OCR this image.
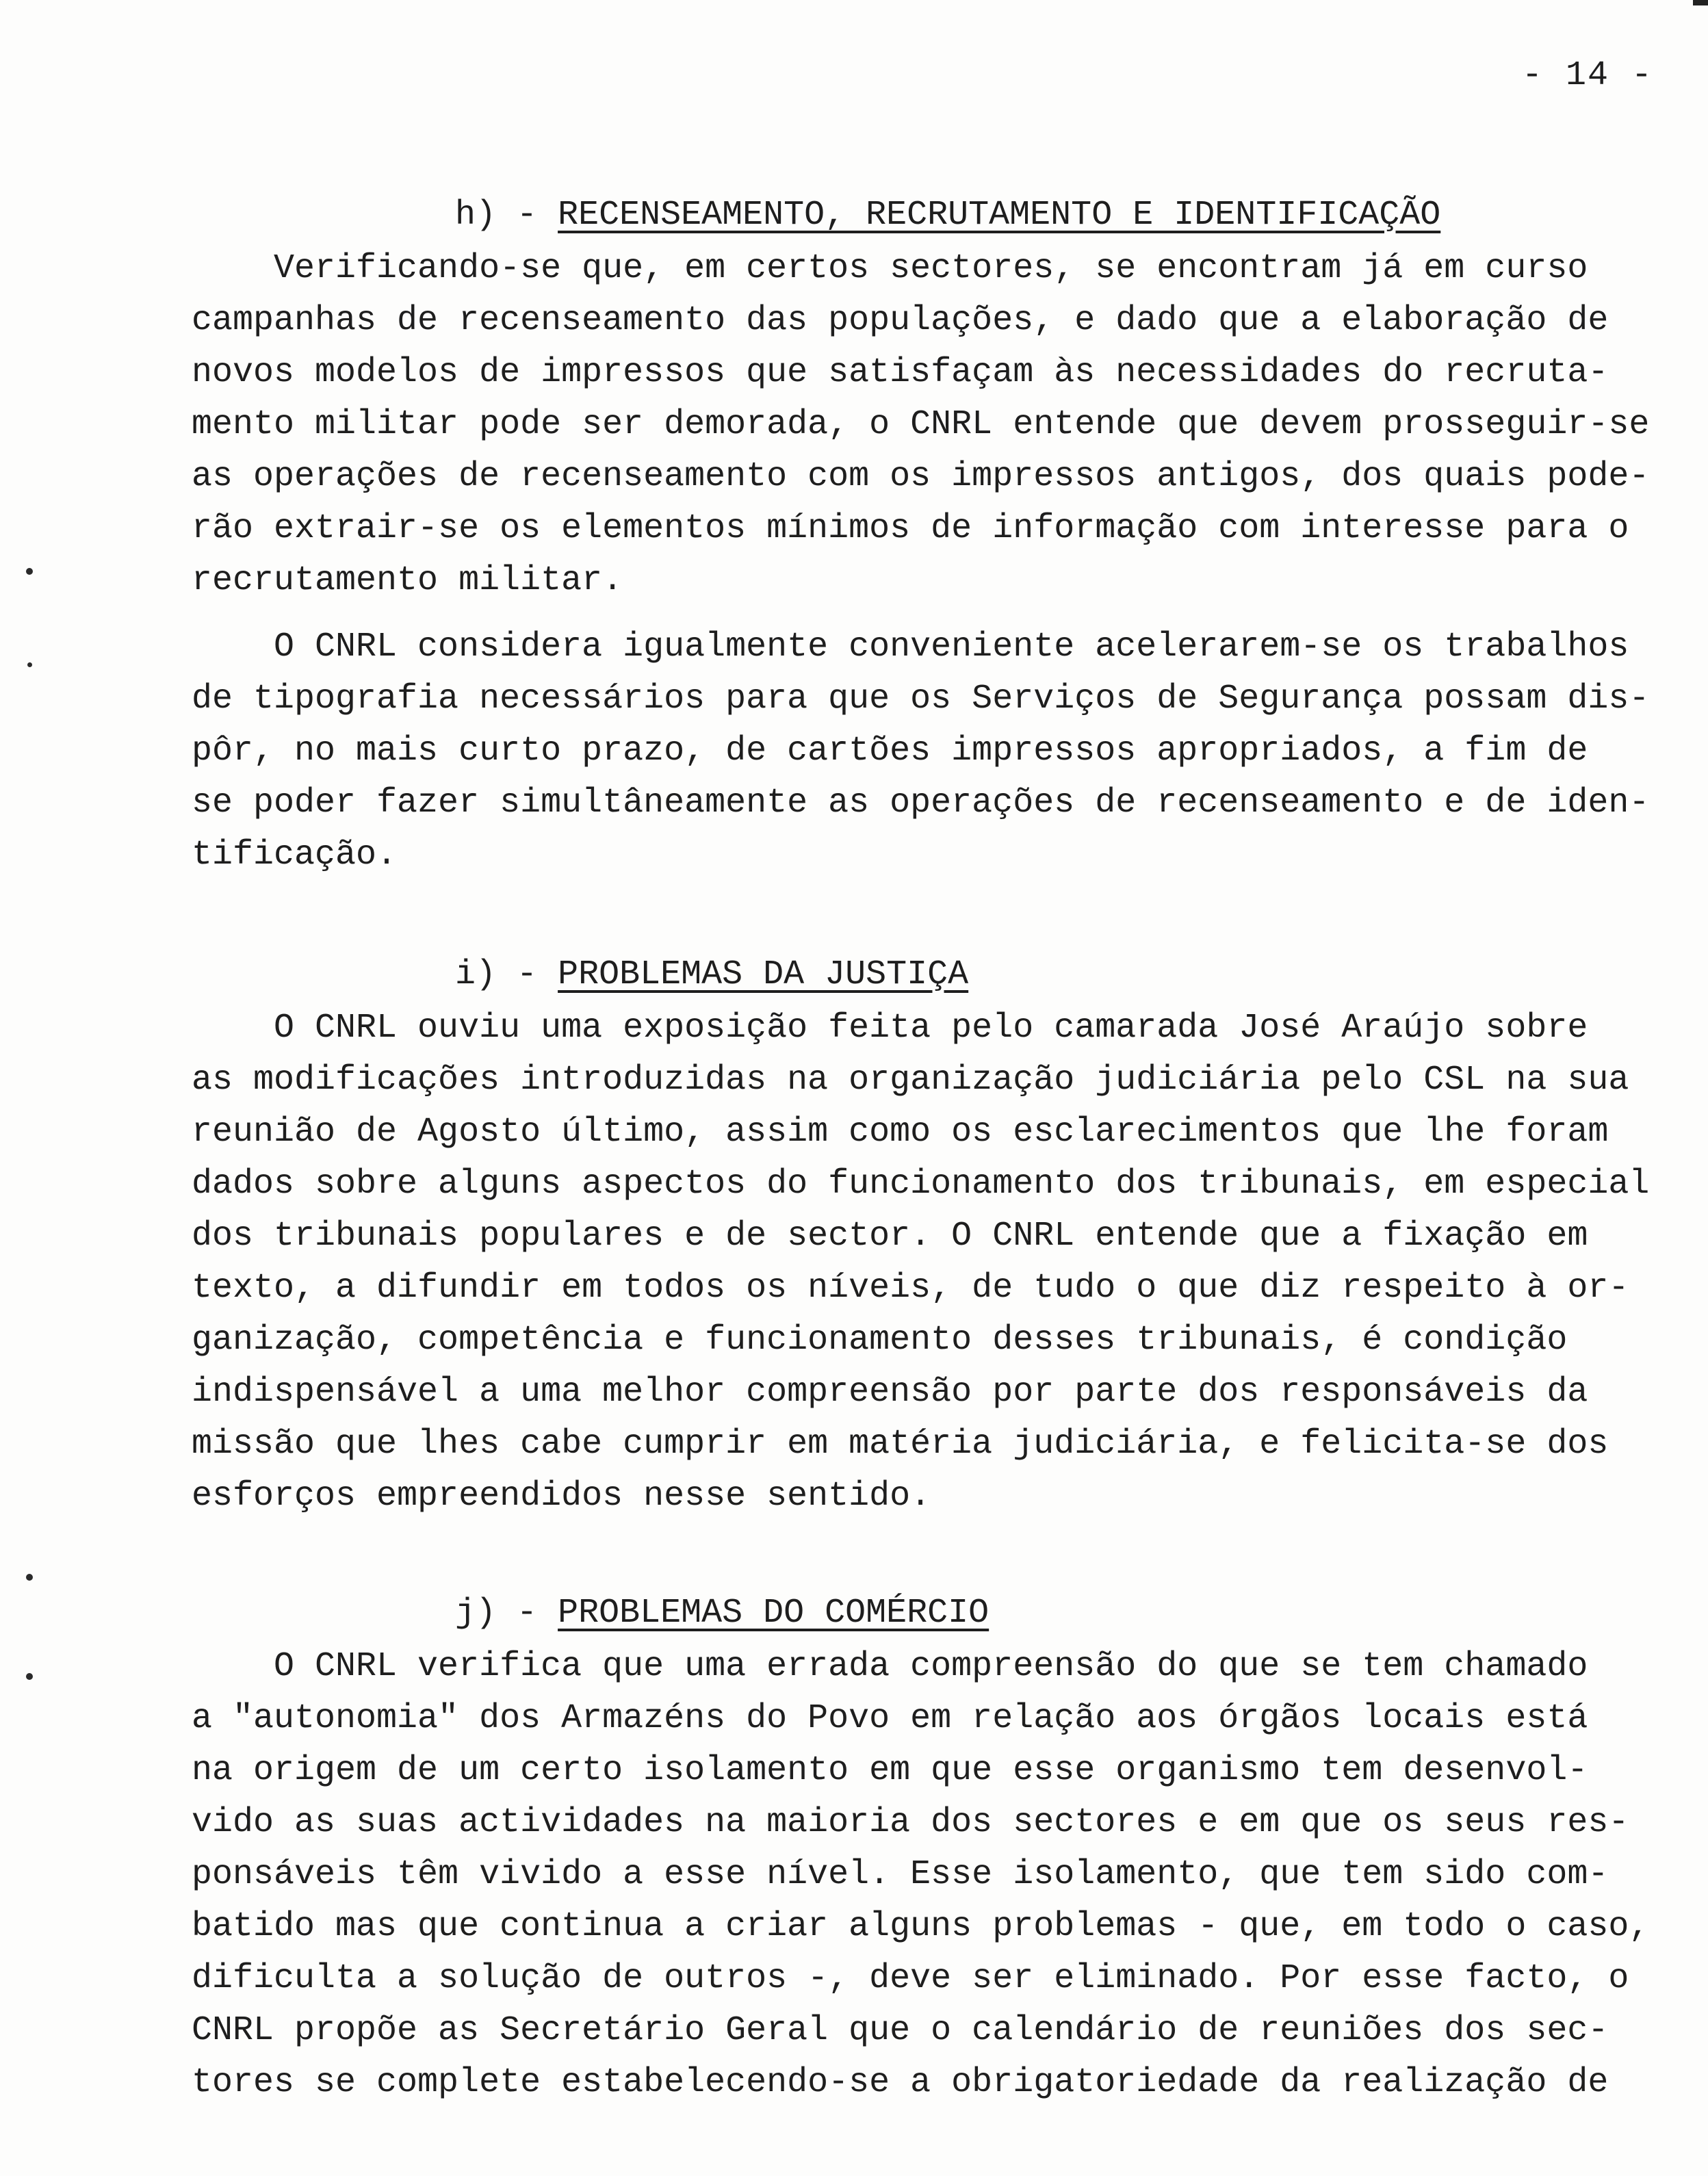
- 14 -

h) - RECENSEAMENTO, RECRUTAMENTO E IDENTIFICAÇÃO

Verificando-se que, em certos sectores, se encontram já em curso
campanhas de recenseamento das populações, e dado que a elaboração de
novos modelos de impressos que satisfaçam às necessidades do recruta-
mento militar pode ser demorada, o CNRL entende que devem prosseguir-se
as operações de recenseamento com os impressos antigos, dos quais pode-
rão extrair-se os elementos mínimos de informação com interesse para o
recrutamento militar.
O CNRL considera igualmente conveniente acelerarem-se os trabalhos
de tipografia necessários para que os Serviços de Segurança possam dis-
pôr, no mais curto prazo, de cartões impressos apropriados, a fim de
se poder fazer simultâneamente as operações de recenseamento e de iden-
tificação.

i) - PROBLEMAS DA JUSTIÇA

O CNRL ouviu uma exposição feita pelo camarada José Araújo sobre
as modificações introduzidas na organização judiciária pelo CSL na sua
reunião de Agosto último, assim como os esclarecimentos que lhe foram
dados sobre alguns aspectos do funcionamento dos tribunais, em especial
dos tribunais populares e de sector. O CNRL entende que a fixação em
texto, a difundir em todos os níveis, de tudo o que diz respeito à or-
ganização, competência e funcionamento desses tribunais, é condição
indispensável a uma melhor compreensão por parte dos responsáveis da
missão que lhes cabe cumprir em matéria judiciária, e felicita-se dos
esforços empreendidos nesse sentido.

j) - PROBLEMAS DO COMÉRCIO

O CNRL verifica que uma errada compreensão do que se tem chamado
a "autonomia" dos Armazéns do Povo em relação aos órgãos locais está
na origem de um certo isolamento em que esse organismo tem desenvol-
vido as suas actividades na maioria dos sectores e em que os seus res-
ponsáveis têm vivido a esse nível. Esse isolamento, que tem sido com-
batido mas que continua a criar alguns problemas - que, em todo o caso,
dificulta a solução de outros -, deve ser eliminado. Por esse facto, o
CNRL propõe as Secretário Geral que o calendário de reuniões dos sec-
tores se complete estabelecendo-se a obrigatoriedade da realização de
